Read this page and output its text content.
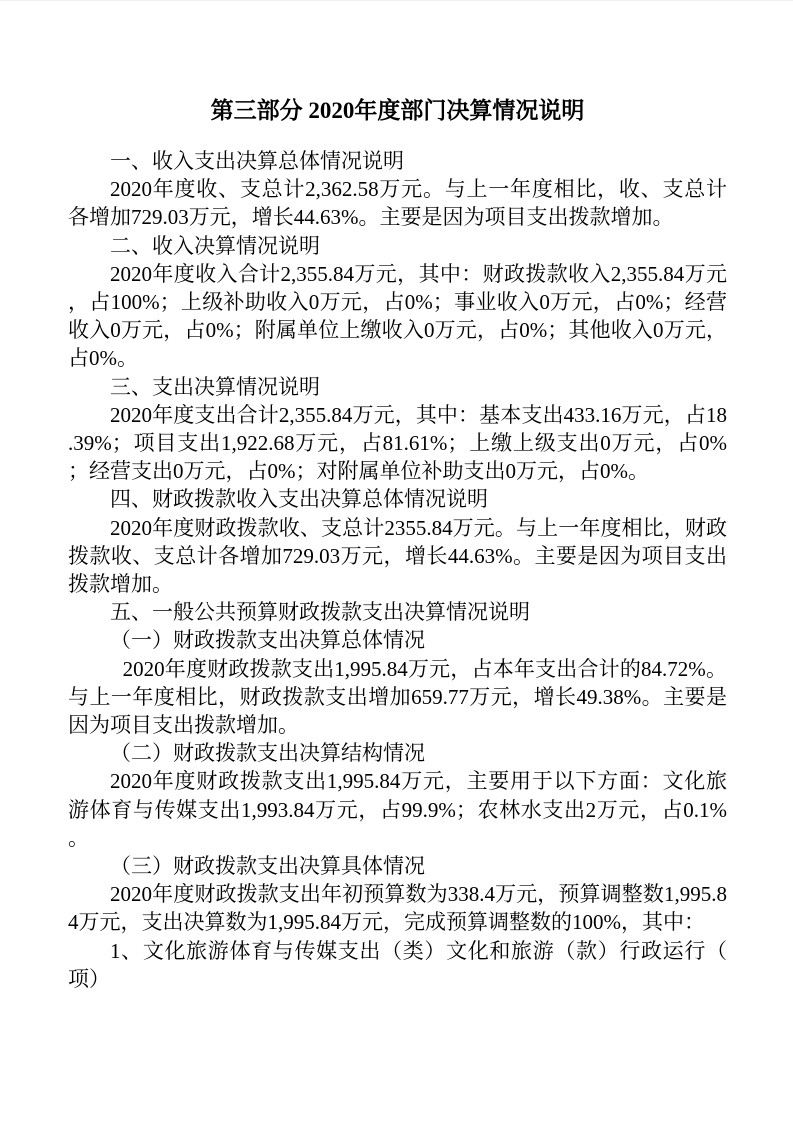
第三部分 2020年度部门决算情况说明

一、收入支出决算总体情况说明

2020年度收、支总计2,362.58万元。与上一年度相比，收、支总计各增加729.03万元，增长44.63%。主要是因为项目支出拨款增加。

二、收入决算情况说明

2020年度收入合计2,355.84万元，其中：财政拨款收入2,355.84万元，占100%；上级补助收入0万元，占0%；事业收入0万元，占0%；经营收入0万元，占0%；附属单位上缴收入0万元，占0%；其他收入0万元，占0%。

三、支出决算情况说明

2020年度支出合计2,355.84万元，其中：基本支出433.16万元，占18.39%；项目支出1,922.68万元，占81.61%；上缴上级支出0万元，占0%；经营支出0万元，占0%；对附属单位补助支出0万元，占0%。

四、财政拨款收入支出决算总体情况说明

2020年度财政拨款收、支总计2355.84万元。与上一年度相比，财政拨款收、支总计各增加729.03万元，增长44.63%。主要是因为项目支出拨款增加。

五、一般公共预算财政拨款支出决算情况说明

（一）财政拨款支出决算总体情况

2020年度财政拨款支出1,995.84万元，占本年支出合计的84.72%。与上一年度相比，财政拨款支出增加659.77万元，增长49.38%。主要是因为项目支出拨款增加。

（二）财政拨款支出决算结构情况

2020年度财政拨款支出1,995.84万元，主要用于以下方面：文化旅游体育与传媒支出1,993.84万元，占99.9%；农林水支出2万元，占0.1%。

（三）财政拨款支出决算具体情况

2020年度财政拨款支出年初预算数为338.4万元，预算调整数1,995.84万元，支出决算数为1,995.84万元，完成预算调整数的100%，其中：

1、文化旅游体育与传媒支出（类）文化和旅游（款）行政运行（项）
